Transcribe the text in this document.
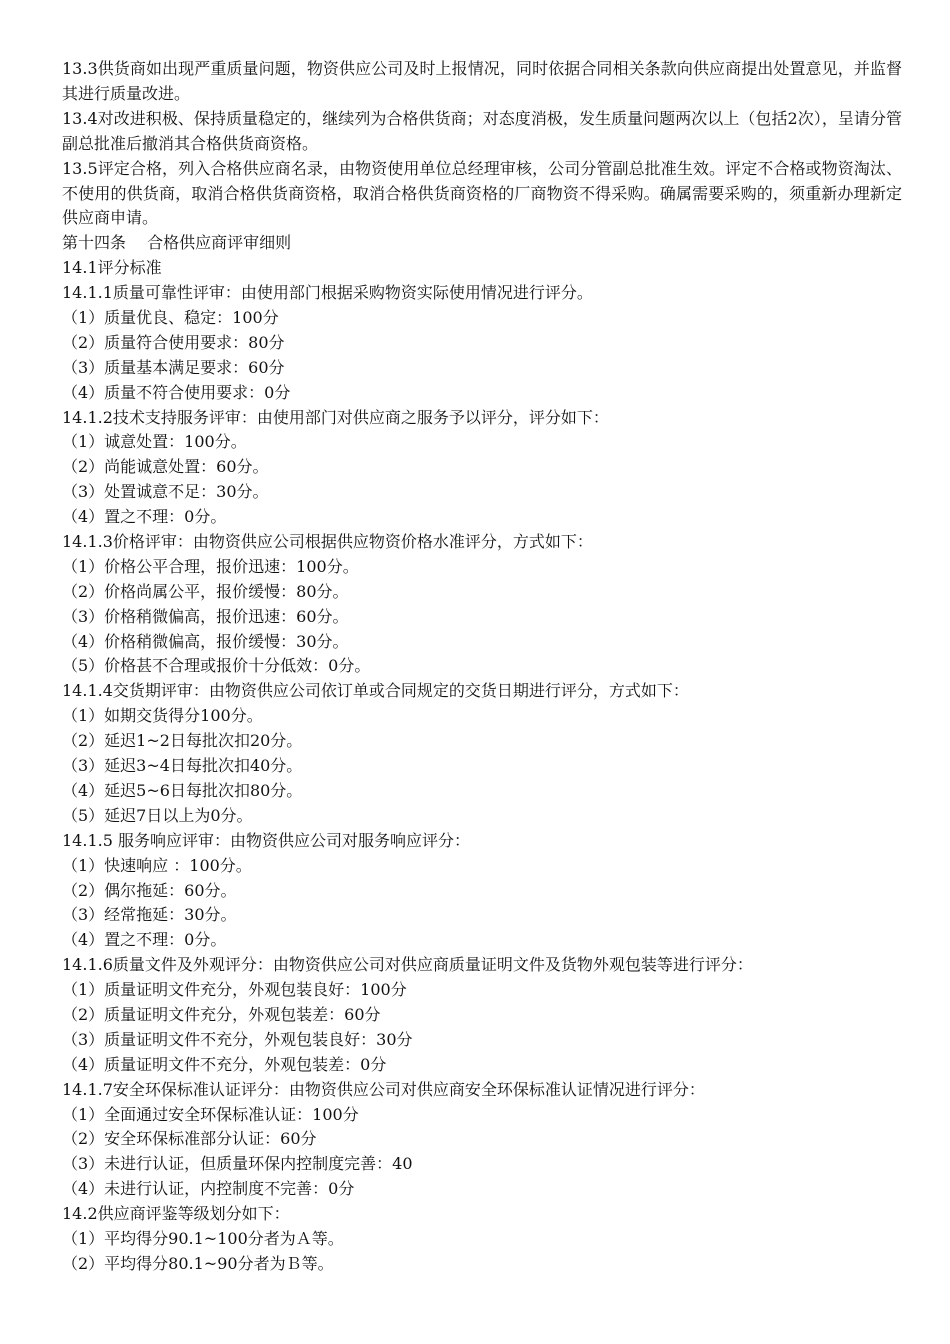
13.3供货商如出现严重质量问题，物资供应公司及时上报情况，同时依据合同相关条款向供应商提出处置意见，并监督其进行质量改进。
13.4对改进积极、保持质量稳定的，继续列为合格供货商；对态度消极，发生质量问题两次以上（包括2次），呈请分管副总批准后撤消其合格供货商资格。
13.5评定合格，列入合格供应商名录，由物资使用单位总经理审核，公司分管副总批准生效。评定不合格或物资淘汰、不使用的供货商，取消合格供货商资格，取消合格供货商资格的厂商物资不得采购。确属需要采购的，须重新办理新定供应商申请。
第十四条　 合格供应商评审细则
14.1评分标准
14.1.1质量可靠性评审：由使用部门根据采购物资实际使用情况进行评分。
（1）质量优良、稳定：100分
（2）质量符合使用要求：80分
（3）质量基本满足要求：60分
（4）质量不符合使用要求：0分
14.1.2技术支持服务评审：由使用部门对供应商之服务予以评分，评分如下：
（1）诚意处置：100分。
（2）尚能诚意处置：60分。
（3）处置诚意不足：30分。
（4）置之不理：0分。
14.1.3价格评审：由物资供应公司根据供应物资价格水准评分，方式如下：
（1）价格公平合理，报价迅速：100分。
（2）价格尚属公平，报价缓慢：80分。
（3）价格稍微偏高，报价迅速：60分。
（4）价格稍微偏高，报价缓慢：30分。
（5）价格甚不合理或报价十分低效：0分。
14.1.4交货期评审：由物资供应公司依订单或合同规定的交货日期进行评分，方式如下：
（1）如期交货得分100分。
（2）延迟1~2日每批次扣20分。
（3）延迟3~4日每批次扣40分。
（4）延迟5~6日每批次扣80分。
（5）延迟7日以上为0分。
14.1.5 服务响应评审：由物资供应公司对服务响应评分：
（1）快速响应 ：100分。
（2）偶尔拖延：60分。
（3）经常拖延：30分。
（4）置之不理：0分。
14.1.6质量文件及外观评分：由物资供应公司对供应商质量证明文件及货物外观包装等进行评分：
（1）质量证明文件充分，外观包装良好：100分
（2）质量证明文件充分，外观包装差：60分
（3）质量证明文件不充分，外观包装良好：30分
（4）质量证明文件不充分，外观包装差：0分
14.1.7安全环保标准认证评分：由物资供应公司对供应商安全环保标准认证情况进行评分：
（1）全面通过安全环保标准认证：100分
（2）安全环保标准部分认证：60分
（3）未进行认证，但质量环保内控制度完善：40
（4）未进行认证，内控制度不完善：0分
14.2供应商评鉴等级划分如下：
（1）平均得分90.1~100分者为Ａ等。
（2）平均得分80.1~90分者为Ｂ等。
